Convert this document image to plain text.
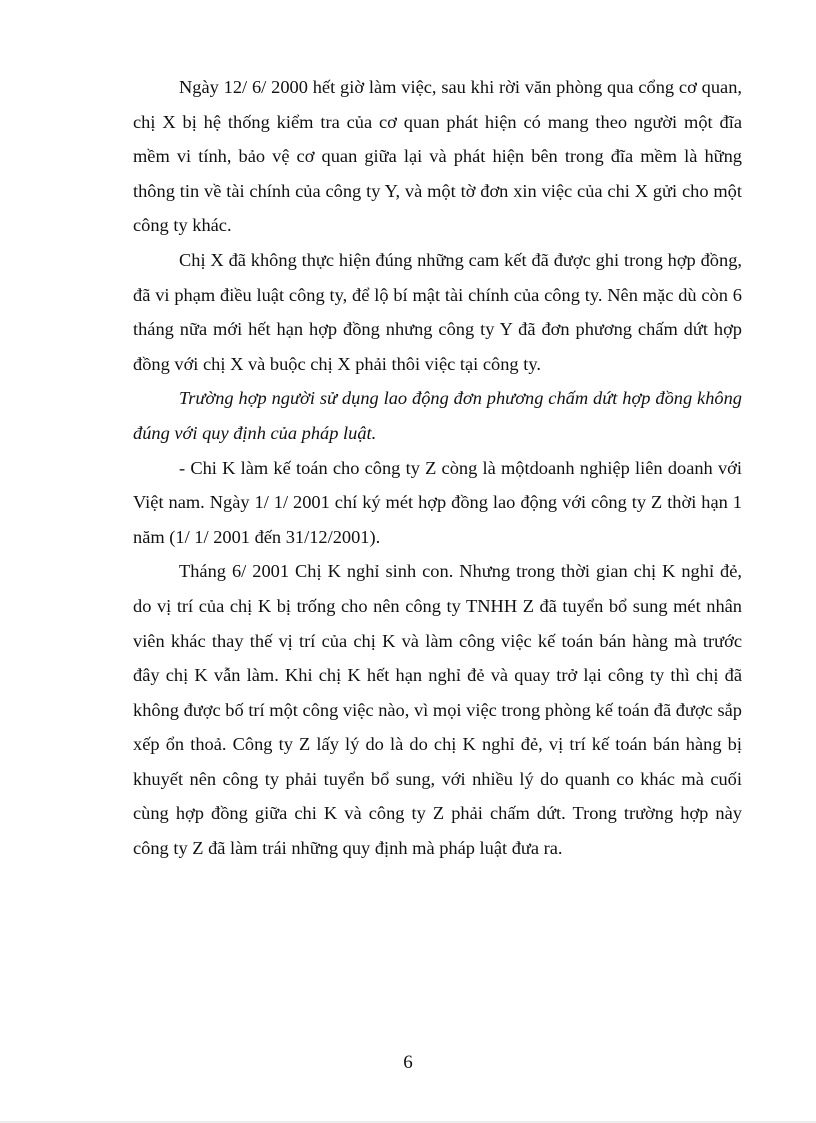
Ngày 12/ 6/ 2000 hết giờ làm việc, sau khi rời văn phòng qua cổng cơ quan, chị X bị hệ thống kiểm tra của cơ quan phát hiện có mang theo người một đĩa mềm vi tính, bảo vệ cơ quan giữa lại và phát hiện bên trong đĩa mềm là hững thông tin về tài chính của công ty Y, và một tờ đơn xin việc của chi X gửi cho một công ty khác.

Chị X đã không thực hiện đúng những cam kết đã được ghi trong hợp đồng, đã vi phạm điều luật công ty, để lộ bí mật tài chính của công ty. Nên mặc dù còn 6 tháng nữa mới hết hạn hợp đồng nhưng công ty Y đã đơn phương chấm dứt hợp đồng với chị X và buộc chị X phải thôi việc tại công ty.

Trường hợp người sử dụng lao động đơn phương chấm dứt hợp đồng không đúng với quy định của pháp luật.

- Chi K làm kế toán cho công ty Z còng là mộtdoanh nghiệp liên doanh với Việt nam. Ngày 1/ 1/ 2001 chí ký mét hợp đồng lao động với công ty Z thời hạn 1 năm (1/ 1/ 2001 đến 31/12/2001).

Tháng 6/ 2001 Chị K nghỉ sinh con. Nhưng trong thời gian chị K nghỉ đẻ, do vị trí của chị K bị trống cho nên công ty TNHH Z đã tuyển bổ sung mét nhân viên khác thay thế vị trí của chị K và làm công việc kế toán bán hàng mà trước đây chị K vẫn làm. Khi chị K hết hạn nghỉ đẻ và quay trở lại công ty thì chị đã không được bố trí một công việc nào, vì mọi việc trong phòng kế toán đã được sắp xếp ổn thoả. Công ty Z lấy lý do là do chị K nghỉ đẻ, vị trí kế toán bán hàng bị khuyết nên công ty phải tuyển bổ sung, với nhiều lý do quanh co khác mà cuối cùng hợp đồng giữa chi K và công ty Z phải chấm dứt. Trong trường hợp này công ty Z đã làm trái những quy định mà pháp luật đưa ra.

6
